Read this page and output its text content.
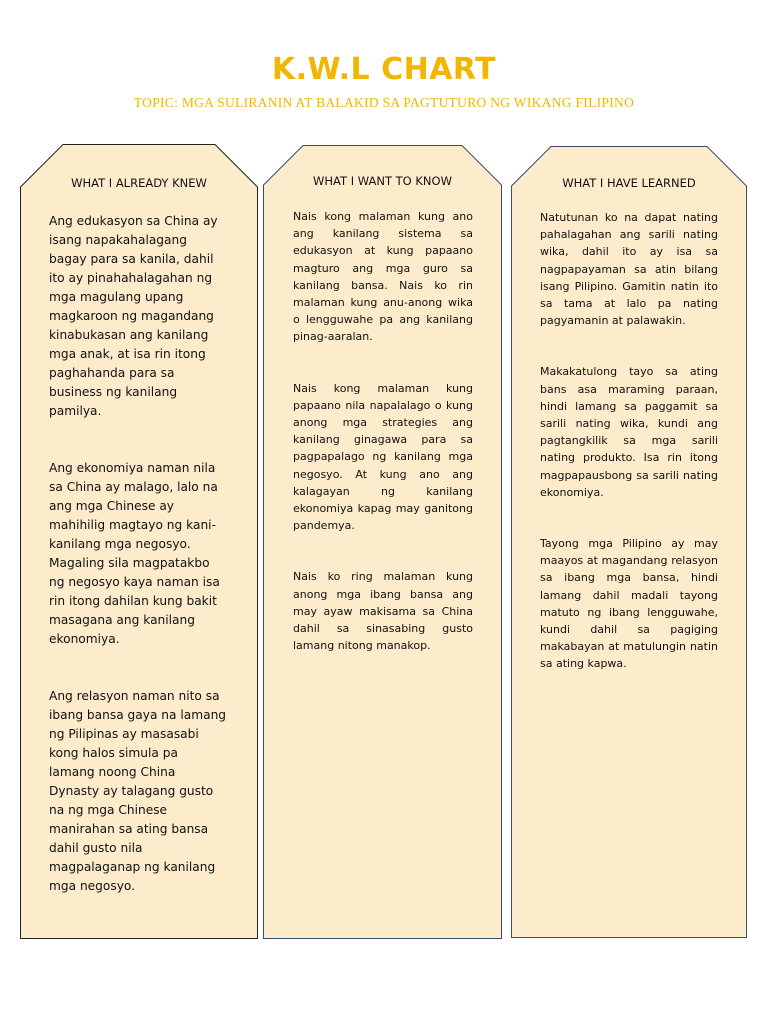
K.W.L CHART
TOPIC: MGA SULIRANIN AT BALAKID SA PAGTUTURO NG WIKANG FILIPINO
WHAT I ALREADY KNEW

Ang edukasyon sa China ay isang napakahalagang bagay para sa kanila, dahil ito ay pinahahalagahan ng mga magulang upang magkaroon ng magandang kinabukasan ang kanilang mga anak, at isa rin itong paghahanda para sa business ng kanilang pamilya.

Ang ekonomiya naman nila sa China ay malago, lalo na ang mga Chinese ay mahihilig magtayo ng kani-kanilang mga negosyo. Magaling sila magpatakbo ng negosyo kaya naman isa rin itong dahilan kung bakit masagana ang kanilang ekonomiya.

Ang relasyon naman nito sa ibang bansa gaya na lamang ng Pilipinas ay masasabi kong halos simula pa lamang noong China Dynasty ay talagang gusto na ng mga Chinese manirahan sa ating bansa dahil gusto nila magpalaganap ng kanilang mga negosyo.

WHAT I WANT TO KNOW

Nais kong malaman kung ano ang kanilang sistema sa edukasyon at kung papaano magturo ang mga guro sa kanilang bansa. Nais ko rin malaman kung anu-anong wika o lengguwahe pa ang kanilang pinag-aaralan.

Nais kong malaman kung papaano nila napalalago o kung anong mga strategies ang kanilang ginagawa para sa pagpapalago ng kanilang mga negosyo. At kung ano ang kalagayan ng kanilang ekonomiya kapag may ganitong pandemya.

Nais ko ring malaman kung anong mga ibang bansa ang may ayaw makisama sa China dahil sa sinasabing gusto lamang nitong manakop.

WHAT I HAVE LEARNED

Natutunan ko na dapat nating pahalagahan ang sarili nating wika, dahil ito ay isa sa nagpapayaman sa atin bilang isang Pilipino. Gamitin natin ito sa tama at lalo pa nating pagyamanin at palawakin.

Makakatulong tayo sa ating bans asa maraming paraan, hindi lamang sa paggamit sa sarili nating wika, kundi ang pagtangkilik sa mga sarili nating produkto. Isa rin itong magpapausbong sa sarili nating ekonomiya.

Tayong mga Pilipino ay may maayos at magandang relasyon sa ibang mga bansa, hindi lamang dahil madali tayong matuto ng ibang lengguwahe, kundi dahil sa pagiging makabayan at matulungin natin sa ating kapwa.
